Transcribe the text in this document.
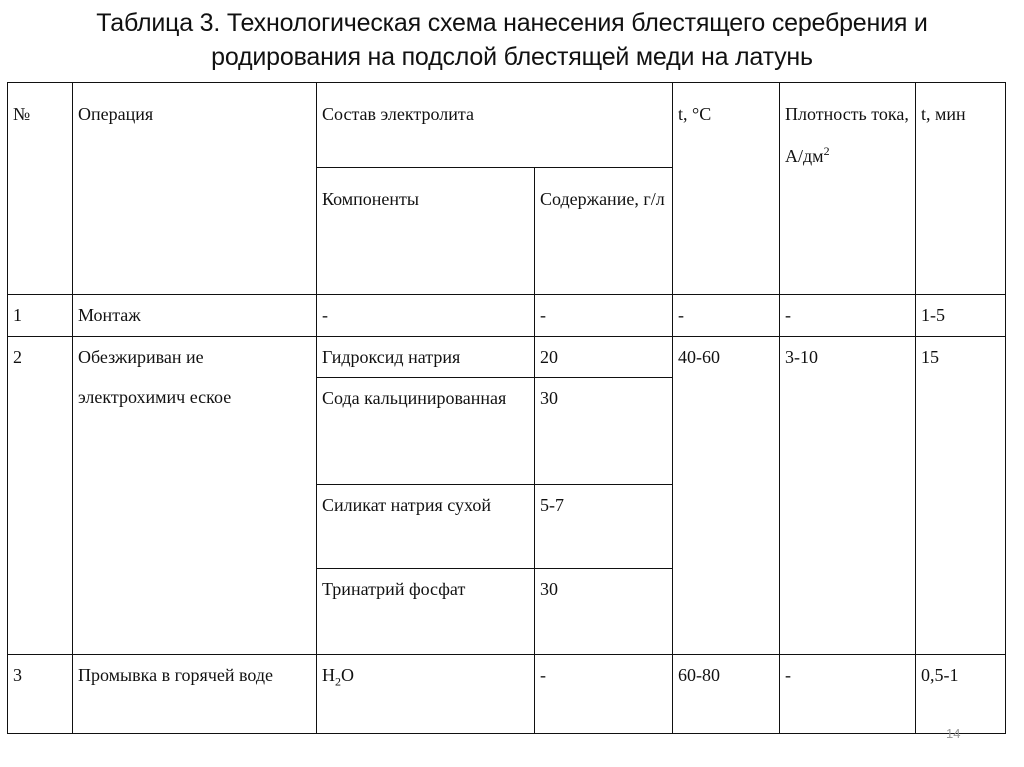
Таблица 3. Технологическая схема нанесения блестящего серебрения и
родирования на подслой блестящей меди на латунь
№	Операция	Состав электролита		t, °C	Плотность тока, $А/дм^2$	t, мин
		Компоненты	Содержание, г/л			
1	Монтаж	-	-	-	-	1-5
2	Обезжириван ие электрохимич еское	Гидроксид натрия	20	40-60	3-10	15
		Сода кальцинированная	30			
		Силикат натрия сухой	5-7			
		Тринатрий фосфат	30			
3	Промывка в горячей воде	$H_2O$	-	60-80	-	0,5-1
14
